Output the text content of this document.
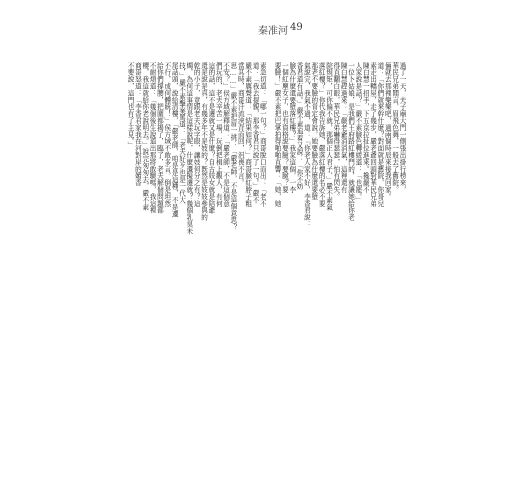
秦准河 49
過了一天，夫子廟大門一側張出掛行榜來，
華民兄弟聞言，眉飛色舞，一般去了舊院。
倆就去那裡樂樂吧，過兩個時辰來接我回家。
道：「你們就來幹什麼？對面就是舊院，你哥兒
素走出轎屋，走了幾步，嚴老爺回頭對華民兄弟
陳白慧一招手，下五京拉扯位進來。攙嚴不
人家說是話？」嚴不素臉色轉緩道：「也罷。」
一位卜姑娘，是我們王府路紅樓門的，就讓她給你老
陳白慧趕過來：「嚴老爺消消氣，這裡還有
得直翻白眼，華民兄弟嚇得瑟瑟，怕有閃失。
院規矩，可你偏不就，那個正人君子，」嚴不素氣
落紅樓？」你代我告訴她，嚴落紅樓的名必不要
那老不要臉的肯定會說，她要臉為什麼還要墮
氣說完，我氣不過，道：『你老人家不好，李香君說：
香君道有話。」嚴不素追着又說：「你不妨
臉為什麼還要墮落紅樓？」我家這個，一李
一個紅塵女子，也有資格說要臉？要臉？要
要臉！」嚴不素把巴掌拍得啪啪直響：「她，她
素急切道：「哪一句？」商哥脫口而出：「老不
道：「我去提親，那李香君只說了一句。」嚴不
嚴不素厲聲道：「結果如何？」商哥臉紅脖子粗
當其時，商哥汗流浹背而回，沮喪不言。
思……」嚴不素把眉一挑：「嚴老師，不是這個意思？
不安？」侯方域解釋道：「嚴老師，不是這個意
們玩的，老夫辛苦一場，玩倒把楫上觀人，有何
這的話，這不是遷就又是什麼？自古妓女就是陪爺
還是說是真，有幾多年不是妓的？既然是妓妓參與的
乾的小子，竟跟老夫玩字眼，讓妓何分之有？這
燭，為何這事情是這樣說呢，什麼遷擬遷就？幾個乳臭未
技，」嚴不素擊案罵道：「老夫好歹也是一代大
尾話頭，說給清樓，「嚴老師，咱是是這種，不是遷
不行，成何體統！」侯方域不敢多言，倒是坦然
給你們撐腰，把圍都揭了，臨了，老夫解個問題都
不耐煩道：「幾個後生說道出那將敢驗嗎，我這裡
櫻，我這就給你老說明去。」說完匆匆去，嚴不素
商哥怒道：「李香君家我在河對岸的媚香
不要說，這門也有了主見。」
